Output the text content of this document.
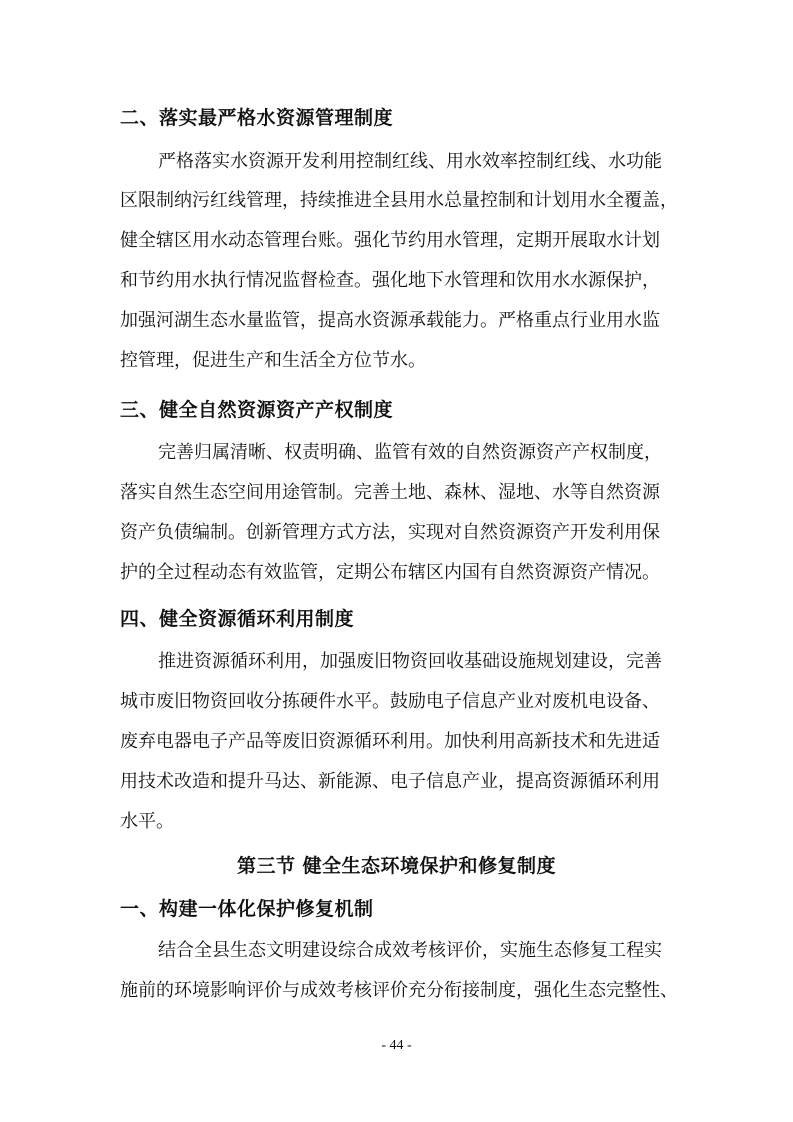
二、落实最严格水资源管理制度
严格落实水资源开发利用控制红线、用水效率控制红线、水功能
区限制纳污红线管理，持续推进全县用水总量控制和计划用水全覆盖，
健全辖区用水动态管理台账。强化节约用水管理，定期开展取水计划
和节约用水执行情况监督检查。强化地下水管理和饮用水水源保护，
加强河湖生态水量监管，提高水资源承载能力。严格重点行业用水监
控管理，促进生产和生活全方位节水。
三、健全自然资源资产产权制度
完善归属清晰、权责明确、监管有效的自然资源资产产权制度，
落实自然生态空间用途管制。完善土地、森林、湿地、水等自然资源
资产负债编制。创新管理方式方法，实现对自然资源资产开发利用保
护的全过程动态有效监管，定期公布辖区内国有自然资源资产情况。
四、健全资源循环利用制度
推进资源循环利用，加强废旧物资回收基础设施规划建设，完善
城市废旧物资回收分拣硬件水平。鼓励电子信息产业对废机电设备、
废弃电器电子产品等废旧资源循环利用。加快利用高新技术和先进适
用技术改造和提升马达、新能源、电子信息产业，提高资源循环利用
水平。
第三节 健全生态环境保护和修复制度
一、构建一体化保护修复机制
结合全县生态文明建设综合成效考核评价，实施生态修复工程实
施前的环境影响评价与成效考核评价充分衔接制度，强化生态完整性、
- 44 -
